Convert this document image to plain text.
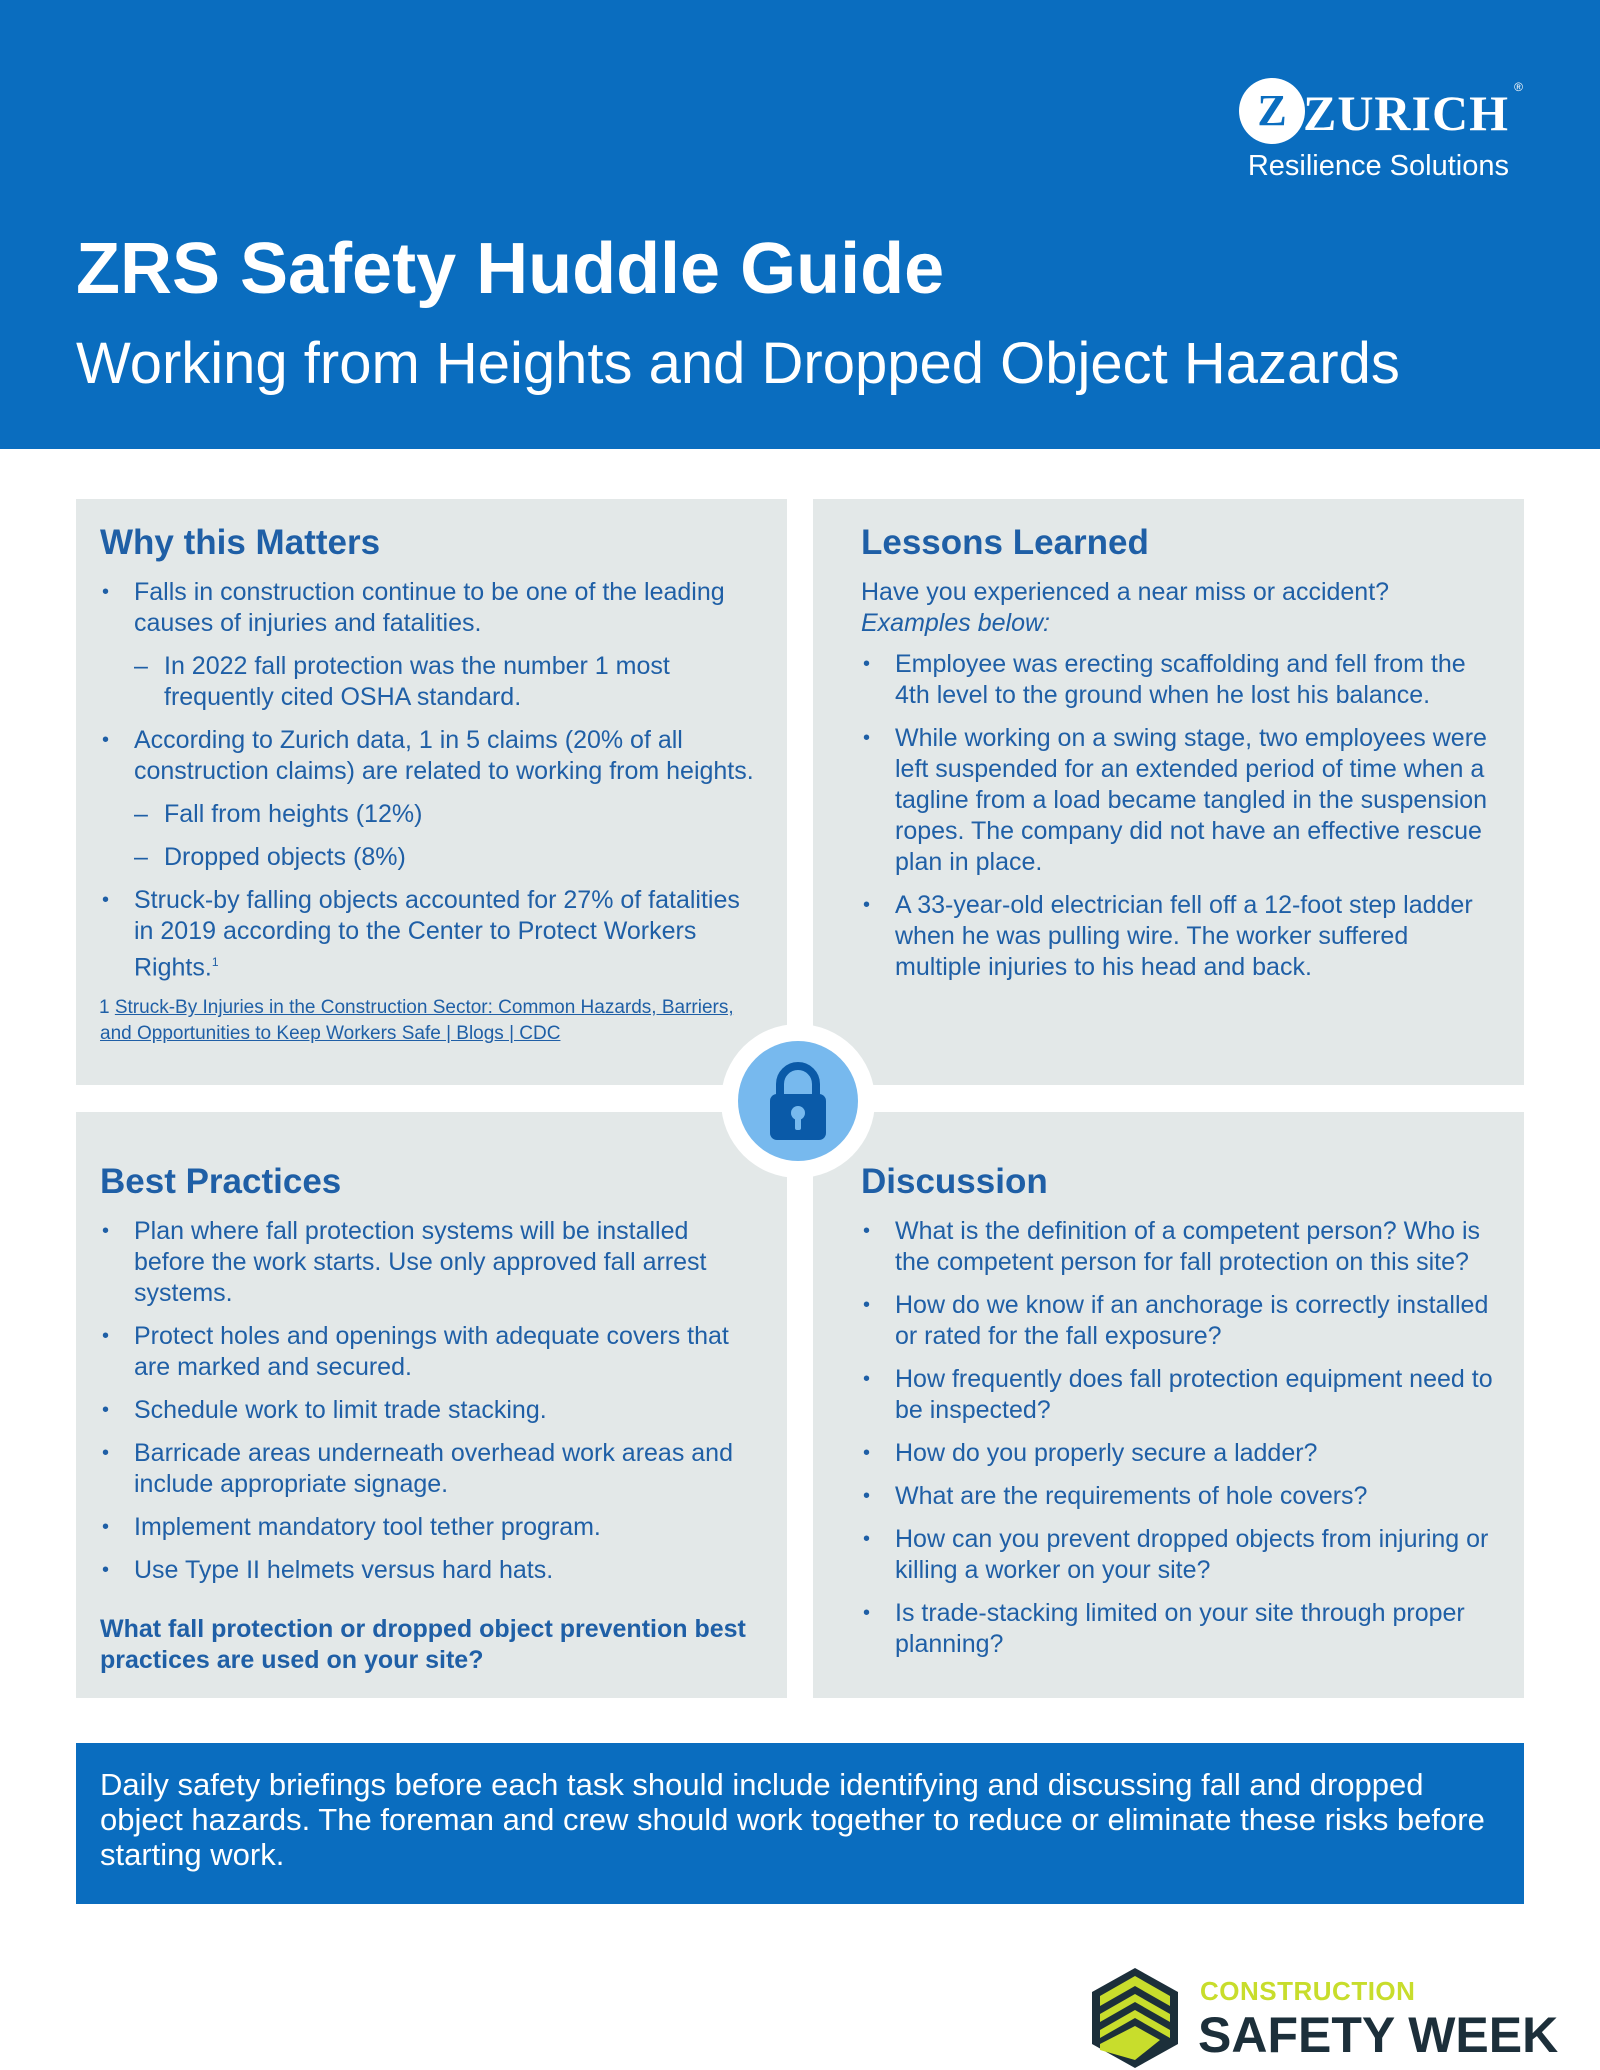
Z ZURICH ®
Resilience Solutions
ZRS Safety Huddle Guide
Working from Heights and Dropped Object Hazards
Why this Matters
• Falls in construction continue to be one of the leading causes of injuries and fatalities.
– In 2022 fall protection was the number 1 most frequently cited OSHA standard.
• According to Zurich data, 1 in 5 claims (20% of all construction claims) are related to working from heights.
– Fall from heights (12%)
– Dropped objects (8%)
• Struck-by falling objects accounted for 27% of fatalities in 2019 according to the Center to Protect Workers Rights.$^1$
1 Struck-By Injuries in the Construction Sector: Common Hazards, Barriers, and Opportunities to Keep Workers Safe | Blogs | CDC
Lessons Learned

Have you experienced a near miss or accident?

Examples below:

• Employee was erecting scaffolding and fell from the 4th level to the ground when he lost his balance.
• While working on a swing stage, two employees were left suspended for an extended period of time when a tagline from a load became tangled in the suspension ropes. The company did not have an effective rescue plan in place.
• A 33-year-old electrician fell off a 12-foot step ladder when he was pulling wire. The worker suffered multiple injuries to his head and back.
Best Practices
• Plan where fall protection systems will be installed before the work starts. Use only approved fall arrest systems.
• Protect holes and openings with adequate covers that are marked and secured.
• Schedule work to limit trade stacking.
• Barricade areas underneath overhead work areas and include appropriate signage.
• Implement mandatory tool tether program.
• Use Type II helmets versus hard hats.
What fall protection or dropped object prevention best practices are used on your site?
Discussion
• What is the definition of a competent person? Who is the competent person for fall protection on this site?
• How do we know if an anchorage is correctly installed or rated for the fall exposure?
• How frequently does fall protection equipment need to be inspected?
• How do you properly secure a ladder?
• What are the requirements of hole covers?
• How can you prevent dropped objects from injuring or killing a worker on your site?
• Is trade-stacking limited on your site through proper planning?
Daily safety briefings before each task should include identifying and discussing fall and dropped object hazards. The foreman and crew should work together to reduce or eliminate these risks before starting work.
CONSTRUCTION
SAFETY WEEK
